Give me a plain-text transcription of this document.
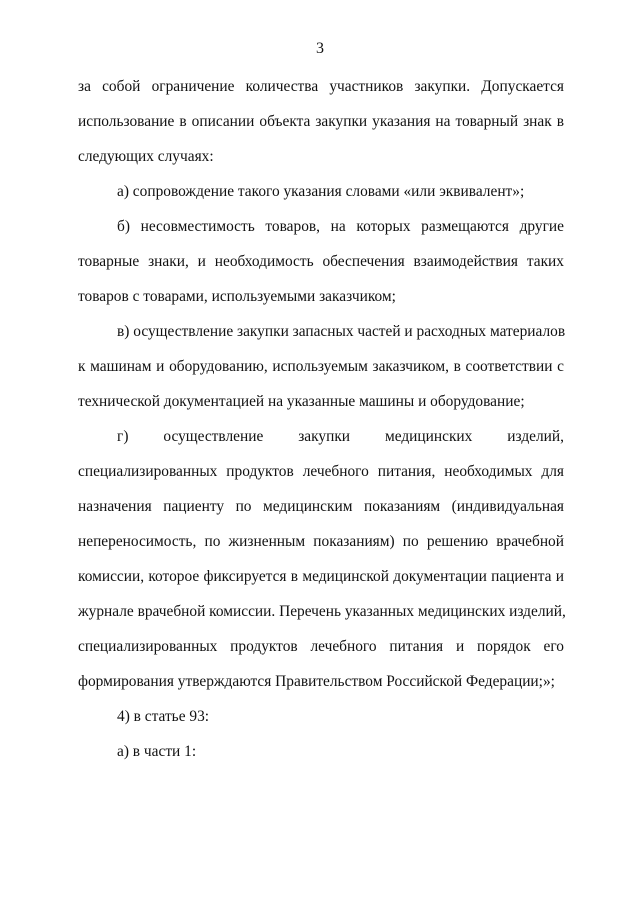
3
за собой ограничение количества участников закупки. Допускается
использование в описании объекта закупки указания на товарный знак в
следующих случаях:
а) сопровождение такого указания словами «или эквивалент»;
б) несовместимость товаров, на которых размещаются другие
товарные знаки, и необходимость обеспечения взаимодействия таких
товаров с товарами, используемыми заказчиком;
в) осуществление закупки запасных частей и расходных материалов
к машинам и оборудованию, используемым заказчиком, в соответствии с
технической документацией на указанные машины и оборудование;
г) осуществление закупки медицинских изделий,
специализированных продуктов лечебного питания, необходимых для
назначения пациенту по медицинским показаниям (индивидуальная
непереносимость, по жизненным показаниям) по решению врачебной
комиссии, которое фиксируется в медицинской документации пациента и
журнале врачебной комиссии. Перечень указанных медицинских изделий,
специализированных продуктов лечебного питания и порядок его
формирования утверждаются Правительством Российской Федерации;»;
4) в статье 93:
а) в части 1:
